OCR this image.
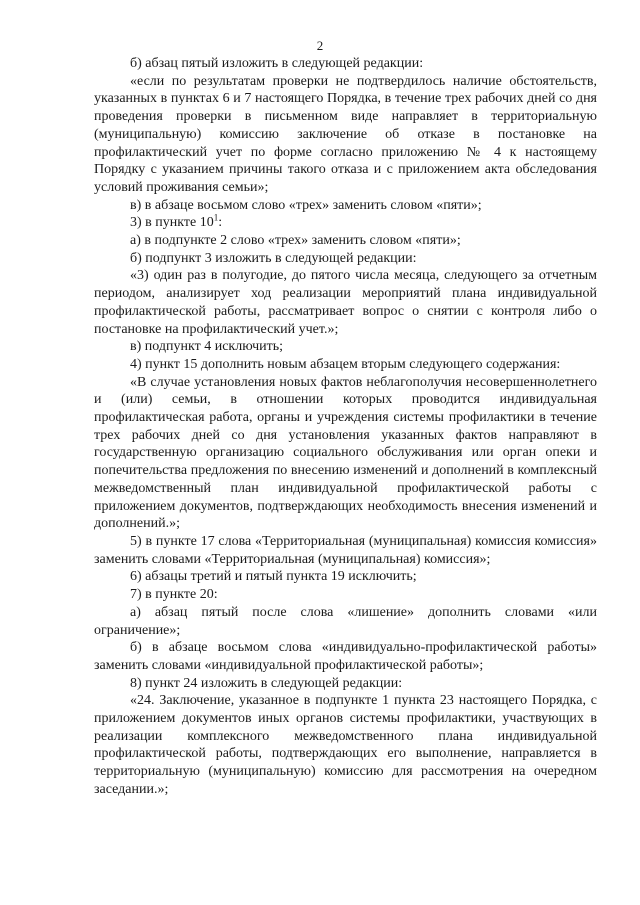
2

б) абзац пятый изложить в следующей редакции:

«если по результатам проверки не подтвердилось наличие обстоятельств, указанных в пунктах 6 и 7 настоящего Порядка, в течение трех рабочих дней со дня проведения проверки в письменном виде направляет в территориальную (муниципальную) комиссию заключение об отказе в постановке на профилактический учет по форме согласно приложению № 4 к настоящему Порядку с указанием причины такого отказа и с приложением акта обследования условий проживания семьи»;

в) в абзаце восьмом слово «трех» заменить словом «пяти»;

3) в пункте $10^1$:

а) в подпункте 2 слово «трех» заменить словом «пяти»;

б) подпункт 3 изложить в следующей редакции:

«3) один раз в полугодие, до пятого числа месяца, следующего за отчетным периодом, анализирует ход реализации мероприятий плана индивидуальной профилактической работы, рассматривает вопрос о снятии с контроля либо о постановке на профилактический учет.»;

в) подпункт 4 исключить;

4) пункт 15 дополнить новым абзацем вторым следующего содержания:

«В случае установления новых фактов неблагополучия несовершеннолетнего и (или) семьи, в отношении которых проводится индивидуальная профилактическая работа, органы и учреждения системы профилактики в течение трех рабочих дней со дня установления указанных фактов направляют в государственную организацию социального обслуживания или орган опеки и попечительства предложения по внесению изменений и дополнений в комплексный межведомственный план индивидуальной профилактической работы с приложением документов, подтверждающих необходимость внесения изменений и дополнений.»;

5) в пункте 17 слова «Территориальная (муниципальная) комиссия комиссия» заменить словами «Территориальная (муниципальная) комиссия»;

6) абзацы третий и пятый пункта 19 исключить;

7) в пункте 20:

а) абзац пятый после слова «лишение» дополнить словами «или ограничение»;

б) в абзаце восьмом слова «индивидуально-профилактической работы» заменить словами «индивидуальной профилактической работы»;

8) пункт 24 изложить в следующей редакции:

«24. Заключение, указанное в подпункте 1 пункта 23 настоящего Порядка, с приложением документов иных органов системы профилактики, участвующих в реализации комплексного межведомственного плана индивидуальной профилактической работы, подтверждающих его выполнение, направляется в территориальную (муниципальную) комиссию для рассмотрения на очередном заседании.»;
